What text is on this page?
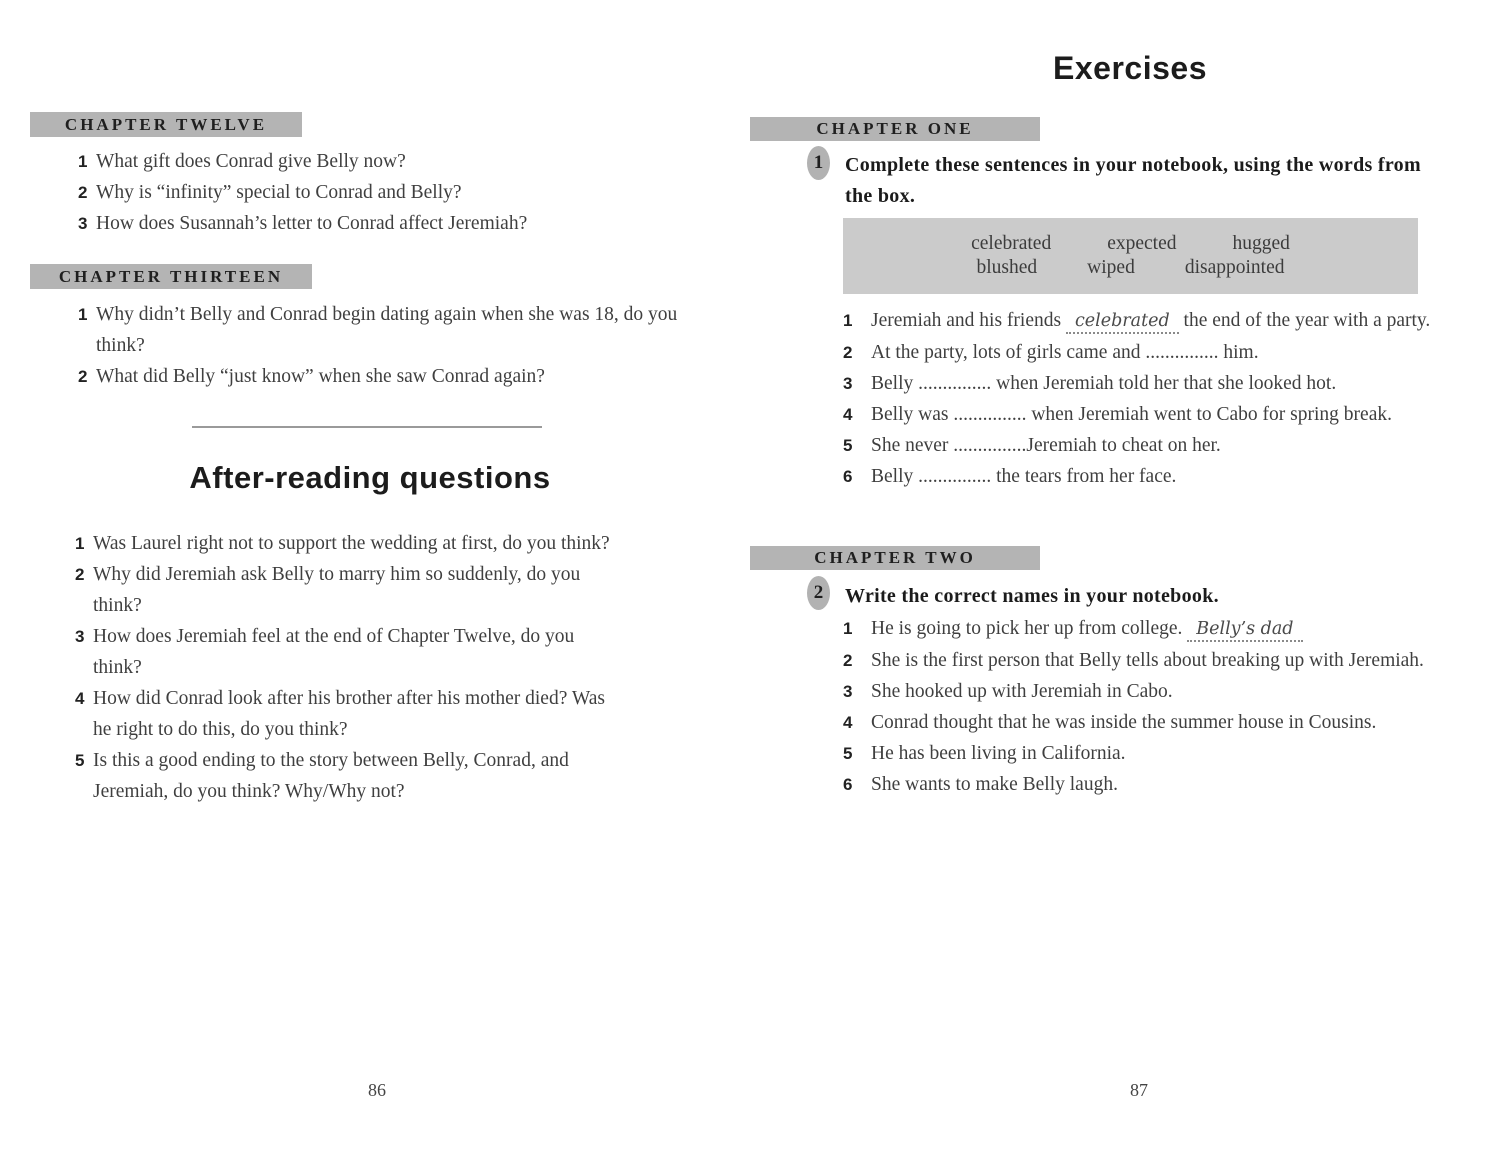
CHAPTER TWELVE
1 What gift does Conrad give Belly now?
2 Why is “infinity” special to Conrad and Belly?
3 How does Susannah’s letter to Conrad affect Jeremiah?
CHAPTER THIRTEEN
1 Why didn’t Belly and Conrad begin dating again when she was 18, do you think?
2 What did Belly “just know” when she saw Conrad again?
After-reading questions
1 Was Laurel right not to support the wedding at first, do you think?
2 Why did Jeremiah ask Belly to marry him so suddenly, do you think?
3 How does Jeremiah feel at the end of Chapter Twelve, do you think?
4 How did Conrad look after his brother after his mother died? Was he right to do this, do you think?
5 Is this a good ending to the story between Belly, Conrad, and Jeremiah, do you think? Why/Why not?
86
Exercises
CHAPTER ONE
1	Complete these sentences in your notebook, using the words from the box.
celebrated	expected	hugged
blushed	wiped	disappointed
1 Jeremiah and his friends celebrated the end of the year with a party.
2 At the party, lots of girls came and ............... him.
3 Belly ............... when Jeremiah told her that she looked hot.
4 Belly was ............... when Jeremiah went to Cabo for spring break.
5 She never ...............Jeremiah to cheat on her.
6 Belly ............... the tears from her face.
CHAPTER TWO
2	Write the correct names in your notebook.
1 He is going to pick her up from college. Belly’s dad
2 She is the first person that Belly tells about breaking up with Jeremiah.
3 She hooked up with Jeremiah in Cabo.
4 Conrad thought that he was inside the summer house in Cousins.
5 He has been living in California.
6 She wants to make Belly laugh.
87
